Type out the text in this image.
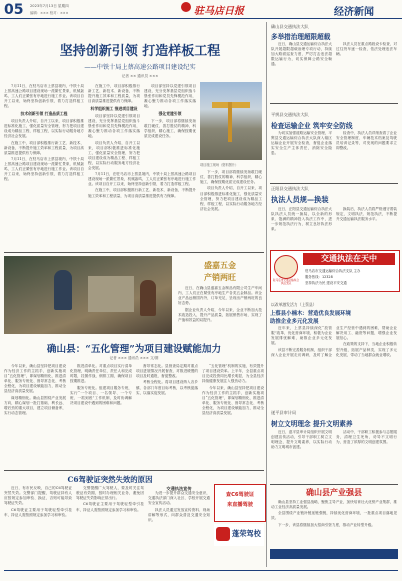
05 2023年7月13日 星期四
编辑：××× 校对：×××	驻马店日报	经济新闻
坚持创新引领 打造样板工程
——中铁十局上蔡高速公路项目建设纪实
记者 ×× 通讯员 ×××

7月11日，在驻马店市上蔡县境内，中铁十局上蔡高速公路项目建设现场一派繁忙景象，机械轰鸣，工人们正紧张有序地进行施工作业。该项目自开工以来，始终坚持创新引领，着力打造样板工程。

技术创新引领 打造品质工程

项目负责人介绍，自开工以来，项目部积极推进标准化施工，强化质量安全管理，努力把项目建设成为精品工程、样板工程，以实际行动服务地方经济社会发展。

在施工中，项目部积极推行新工艺、新技术、新设备，不断提升施工效率和工程质量，为项目高质量推进提供有力保障。

7月11日，在驻马店市上蔡县境内，中铁十局上蔡高速公路项目建设现场一派繁忙景象，机械轰鸣，工人们正紧张有序地进行施工作业。该项目自开工以来，始终坚持创新引领，着力打造样板工程。

在施工中，项目部积极推行新工艺、新技术、新设备，不断提升施工效率和工程质量，为项目高质量推进提供有力保障。

科学组织施工 推进项目建设

项目部坚持以党建引领项目建设，充分发挥基层党组织战斗堡垒作用和党员先锋模范作用，凝心聚力推动各项工作落实落地。

项目负责人介绍，自开工以来，项目部积极推进标准化施工，强化质量安全管理，努力把项目建设成为精品工程、样板工程，以实际行动服务地方经济社会发展。

项目部坚持以党建引领项目建设，充分发挥基层党组织战斗堡垒作用和党员先锋模范作用，凝心聚力推动各项工作落实落地。

强化党建引领

下一步，项目部将继续发扬敢打硬仗、善打胜仗的精神，科学组织，精心施工，确保按期优质完成建设任务。

项目施工现场（资料图片）

下一步，项目部将继续发扬敢打硬仗、善打胜仗的精神，科学组织，精心施工，确保按期优质完成建设任务。

项目负责人介绍，自开工以来，项目部积极推进标准化施工，强化质量安全管理，努力把项目建设成为精品工程、样板工程，以实际行动服务地方经济社会发展。

7月11日，在驻马店市上蔡县境内，中铁十局上蔡高速公路项目建设现场一派繁忙景象，机械轰鸣，工人们正紧张有序地进行施工作业。该项目自开工以来，始终坚持创新引领，着力打造样板工程。

在施工中，项目部积极推行新工艺、新技术、新设备，不断提升施工效率和工程质量，为项目高质量推进提供有力保障。

确山县交通执法大队
多举措治理超限超载

近日，确山县交通运输综合执法大队开展超限超载治理专项行动，持续加大路面巡查力度，严厉打击违法超限运输行为，切实保障公路安全畅通。

执法人员在重点路段设卡检查，对过往货车逐一检查，依法处理违法车辆。

平舆县交通执法大队
检查运输企业 筑牢安全防线

为切实加强道路运输安全管理，平舆县交通运输综合执法大队深入辖区运输企业开展安全检查，督促企业落实安全生产主体责任，消除安全隐患。

检查中，执法人员详细查看了企业安全管理制度、车辆技术档案及驾驶员培训记录等，对发现的问题要求立即整改。

正阳县交通执法大队
执法人员规—换装

近日，正阳县交通运输综合执法大队执法人员统一换装，以全新的形象、饱满的精神投入执法工作中，进一步规范执法行为，树立良好执法形象。

换装后，执法人员将严格遵守着装规定，文明执法、规范执法，不断提升交通运输执法服务水平。

驻马店市交通运输综合执法支队
交通执法在天中
驻马店市交通运输综合执法支队 主办
服务热线：12328
坚持执法为民 建设平安交通
以改革激发活力（上蔡县）
上蔡县小楠木：营造优良发展环境
助推企业多元化发展

近年来，上蔡县持续深化“放管服”改革，优化营商环境，积极为企业发展排忧解难，助推企业多元化发展。

该县不断完善服务机制，组织干部深入企业开展走访调研，及时了解企业生产经营中遇到的困难，帮助企业解决用工、融资等问题，增强企业发展信心。

在政策的支持下，当地企业积极转型升级，拓展产品种类，实现了多元化发展，带动了当地群众就业增收。

遂平县审计局
树立文明理念 提升文明素养

近日，遂平县审计局组织开展文明创建宣传活动，引导干部职工树立文明理念，提升文明素养，以实际行动助力文明城市创建。

活动中，干部职工积极参与志愿服务，清理卫生死角，劝导不文明行为，营造了浓厚的文明创建氛围。

确山县产业强县

确山县坚持工业强县战略，聚焦主导产业，加快培育壮大优势产业集群，推动工业经济高质量发展。

全县围绕产业链补链延链强链，持续优化营商环境，一批重点项目落地见效。

下一步，该县将继续加大招商引资力度，推动产业转型升级。

盛嘉五金
产销两旺

近日，在确山县盛嘉五金制品有限公司生产车间内，工人们正在紧张有序地生产各类五金制品。该企业产品远销国内外，订单充足，呈现出产销两旺的良好态势。

据企业负责人介绍，今年以来，企业不断加大技术改造投入，提升产品质量，拓展销售市场，实现了产值和效益的双提升。

确山县：“五化管理”为项目建设赋能加力
记者 ××× 通讯员 ××× 文/图

今年以来，确山县坚持把项目建设作为经济工作的主抓手，创新实施项目“五化管理”，即谋划精细化、推进清单化、服务专班化、督导常态化、考核全程化，为项目建设赋能加力，推动全县经济高质量发展。

谋划精细化。确山县围绕产业发展方向，精心谋划一批打基础、利长远、增后劲的重大项目，建立项目储备库，实行动态管理。

推进清单化。对重点项目实行清单化管理，明确责任单位、责任人和完成时限，挂图作战，倒排工期，确保项目按期推进。

服务专班化。组建项目服务专班，实行“一个项目、一名领导、一个专班、一抓到底”工作机制，及时协调解决项目建设中遇到的困难和问题。

督导常态化。县督查局定期对重点项目进展情况开展督查，对推进缓慢的项目及时通报，督促整改。

考核全程化。将项目建设纳入各乡镇、各部门年度目标考核，以考核促落实，以落实促发展。

“五化管理”机制的实施，有效提升了项目建设效率。上半年，全县重点项目完成投资同比增长明显，为全县经济持续健康发展注入强劲动力。

今年以来，确山县坚持把项目建设作为经济工作的主抓手，创新实施项目“五化管理”，即谋划精细化、推进清单化、服务专班化、督导常态化、考核全程化，为项目建设赋能加力，推动全县经济高质量发展。

C6驾驶证突然失效的原因

近日，有市民反映，自己的C6驾驶证突然失效。交警部门提醒，驾驶证持有人应按规定参加审验、换证，否则可能导致驾驶证失效。

C6驾驶证主要用于驾驶轻型牵引挂车，持证人需按照规定参加学习和审验。

交警提醒广大驾驶人，要及时关注驾驶证有效期，按时办理相关业务，避免因驾驶证失效影响正常出行。

C6驾驶证主要用于驾驶轻型牵引挂车，持证人需按照规定参加学习和审验。

交通执法宣传

为进一步提升群众交通安全意识，交通执法部门深入社区、学校开展交通安全宣传活动。

执法人员通过发放宣传资料、现场讲解等形式，向群众普及交通安全知识。

查C6驾驶证
来直播驾驶
蓬荣驾校
